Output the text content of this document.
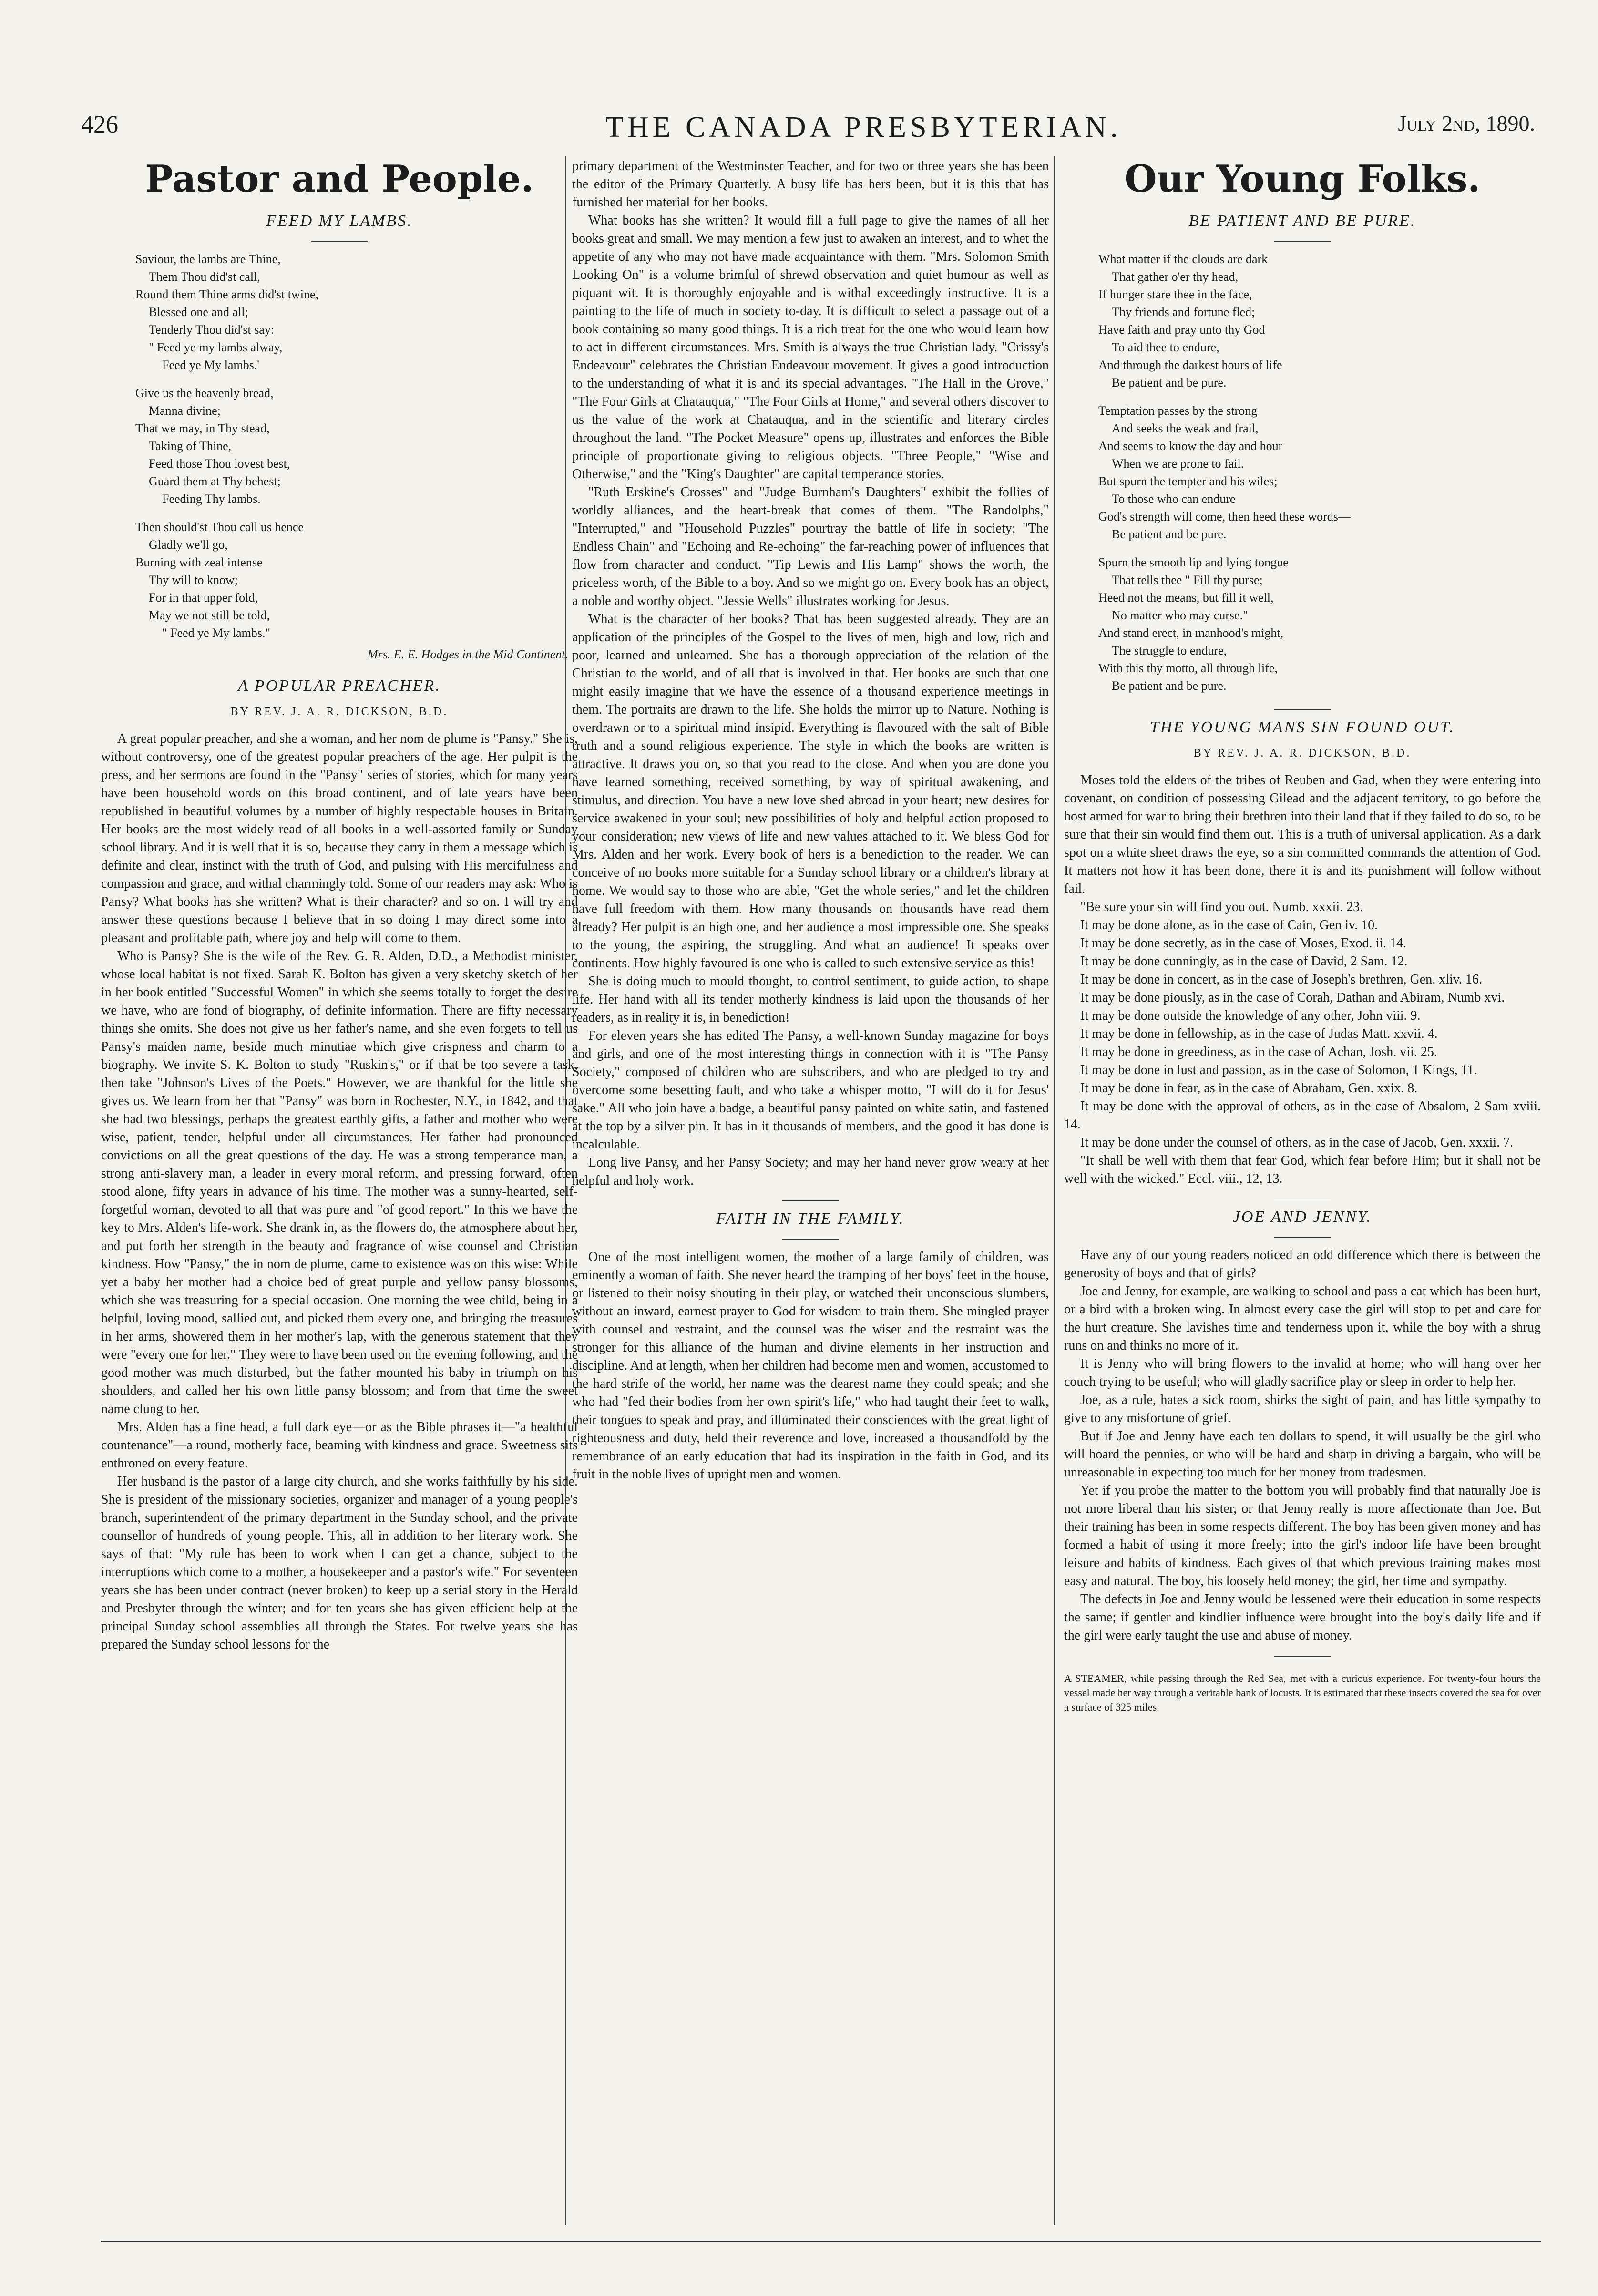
426	THE CANADA PRESBYTERIAN.	July 2nd, 1890.
Pastor and People.
FEED MY LAMBS.
Saviour, the lambs are Thine,
Them Thou did'st call,
Round them Thine arms did'st twine,
Blessed one and all;
Tenderly Thou did'st say:
" Feed ye my lambs alway,
Feed ye My lambs.'
Give us the heavenly bread,
Manna divine;
That we may, in Thy stead,
Taking of Thine,
Feed those Thou lovest best,
Guard them at Thy behest;
Feeding Thy lambs.
Then should'st Thou call us hence
Gladly we'll go,
Burning with zeal intense
Thy will to know;
For in that upper fold,
May we not still be told,
" Feed ye My lambs."
Mrs. E. E. Hodges in the Mid Continent.
A POPULAR PREACHER.
BY REV. J. A. R. DICKSON, B.D.

A great popular preacher, and she a woman, and her nom de plume is "Pansy." She is, without controversy, one of the greatest popular preachers of the age. Her pulpit is the press, and her sermons are found in the "Pansy" series of stories, which for many years have been household words on this broad continent, and of late years have been republished in beautiful volumes by a number of highly respectable houses in Britain. Her books are the most widely read of all books in a well-assorted family or Sunday school library. And it is well that it is so, because they carry in them a message which is definite and clear, instinct with the truth of God, and pulsing with His mercifulness and compassion and grace, and withal charmingly told. Some of our readers may ask: Who is Pansy? What books has she written? What is their character? and so on. I will try and answer these questions because I believe that in so doing I may direct some into a pleasant and profitable path, where joy and help will come to them.

Who is Pansy? She is the wife of the Rev. G. R. Alden, D.D., a Methodist minister, whose local habitat is not fixed. Sarah K. Bolton has given a very sketchy sketch of her in her book entitled "Successful Women" in which she seems totally to forget the desire we have, who are fond of biography, of definite information. There are fifty necessary things she omits. She does not give us her father's name, and she even forgets to tell us Pansy's maiden name, beside much minutiae which give crispness and charm to a biography. We invite S. K. Bolton to study "Ruskin's," or if that be too severe a task, then take "Johnson's Lives of the Poets." However, we are thankful for the little she gives us. We learn from her that "Pansy" was born in Rochester, N.Y., in 1842, and that she had two blessings, perhaps the greatest earthly gifts, a father and mother who were wise, patient, tender, helpful under all circumstances. Her father had pronounced convictions on all the great questions of the day. He was a strong temperance man, a strong anti-slavery man, a leader in every moral reform, and pressing forward, often stood alone, fifty years in advance of his time. The mother was a sunny-hearted, self-forgetful woman, devoted to all that was pure and "of good report." In this we have the key to Mrs. Alden's life-work. She drank in, as the flowers do, the atmosphere about her, and put forth her strength in the beauty and fragrance of wise counsel and Christian kindness. How "Pansy," the in nom de plume, came to existence was on this wise: While yet a baby her mother had a choice bed of great purple and yellow pansy blossoms, which she was treasuring for a special occasion. One morning the wee child, being in a helpful, loving mood, sallied out, and picked them every one, and bringing the treasures in her arms, showered them in her mother's lap, with the generous statement that they were "every one for her." They were to have been used on the evening following, and the good mother was much disturbed, but the father mounted his baby in triumph on his shoulders, and called her his own little pansy blossom; and from that time the sweet name clung to her.

Mrs. Alden has a fine head, a full dark eye—or as the Bible phrases it—"a healthful countenance"—a round, motherly face, beaming with kindness and grace. Sweetness sits enthroned on every feature.

Her husband is the pastor of a large city church, and she works faithfully by his side. She is president of the missionary societies, organizer and manager of a young people's branch, superintendent of the primary department in the Sunday school, and the private counsellor of hundreds of young people. This, all in addition to her literary work. She says of that: "My rule has been to work when I can get a chance, subject to the interruptions which come to a mother, a housekeeper and a pastor's wife." For seventeen years she has been under contract (never broken) to keep up a serial story in the Herald and Presbyter through the winter; and for ten years she has given efficient help at the principal Sunday school assemblies all through the States. For twelve years she has prepared the Sunday school lessons for the

primary department of the Westminster Teacher, and for two or three years she has been the editor of the Primary Quarterly. A busy life has hers been, but it is this that has furnished her material for her books.

What books has she written? It would fill a full page to give the names of all her books great and small. We may mention a few just to awaken an interest, and to whet the appetite of any who may not have made acquaintance with them. "Mrs. Solomon Smith Looking On" is a volume brimful of shrewd observation and quiet humour as well as piquant wit. It is thoroughly enjoyable and is withal exceedingly instructive. It is a painting to the life of much in society to-day. It is difficult to select a passage out of a book containing so many good things. It is a rich treat for the one who would learn how to act in different circumstances. Mrs. Smith is always the true Christian lady. "Crissy's Endeavour" celebrates the Christian Endeavour movement. It gives a good introduction to the understanding of what it is and its special advantages. "The Hall in the Grove," "The Four Girls at Chatauqua," "The Four Girls at Home," and several others discover to us the value of the work at Chatauqua, and in the scientific and literary circles throughout the land. "The Pocket Measure" opens up, illustrates and enforces the Bible principle of proportionate giving to religious objects. "Three People," "Wise and Otherwise," and the "King's Daughter" are capital temperance stories.

"Ruth Erskine's Crosses" and "Judge Burnham's Daughters" exhibit the follies of worldly alliances, and the heart-break that comes of them. "The Randolphs," "Interrupted," and "Household Puzzles" pourtray the battle of life in society; "The Endless Chain" and "Echoing and Re-echoing" the far-reaching power of influences that flow from character and conduct. "Tip Lewis and His Lamp" shows the worth, the priceless worth, of the Bible to a boy. And so we might go on. Every book has an object, a noble and worthy object. "Jessie Wells" illustrates working for Jesus.

What is the character of her books? That has been suggested already. They are an application of the principles of the Gospel to the lives of men, high and low, rich and poor, learned and unlearned. She has a thorough appreciation of the relation of the Christian to the world, and of all that is involved in that. Her books are such that one might easily imagine that we have the essence of a thousand experience meetings in them. The portraits are drawn to the life. She holds the mirror up to Nature. Nothing is overdrawn or to a spiritual mind insipid. Everything is flavoured with the salt of Bible truth and a sound religious experience. The style in which the books are written is attractive. It draws you on, so that you read to the close. And when you are done you have learned something, received something, by way of spiritual awakening, and stimulus, and direction. You have a new love shed abroad in your heart; new desires for service awakened in your soul; new possibilities of holy and helpful action proposed to your consideration; new views of life and new values attached to it. We bless God for Mrs. Alden and her work. Every book of hers is a benediction to the reader. We can conceive of no books more suitable for a Sunday school library or a children's library at home. We would say to those who are able, "Get the whole series," and let the children have full freedom with them. How many thousands on thousands have read them already? Her pulpit is an high one, and her audience a most impressible one. She speaks to the young, the aspiring, the struggling. And what an audience! It speaks over continents. How highly favoured is one who is called to such extensive service as this!

She is doing much to mould thought, to control sentiment, to guide action, to shape life. Her hand with all its tender motherly kindness is laid upon the thousands of her readers, as in reality it is, in benediction!

For eleven years she has edited The Pansy, a well-known Sunday magazine for boys and girls, and one of the most interesting things in connection with it is "The Pansy Society," composed of children who are subscribers, and who are pledged to try and overcome some besetting fault, and who take a whisper motto, "I will do it for Jesus' sake." All who join have a badge, a beautiful pansy painted on white satin, and fastened at the top by a silver pin. It has in it thousands of members, and the good it has done is incalculable.

Long live Pansy, and her Pansy Society; and may her hand never grow weary at her helpful and holy work.

FAITH IN THE FAMILY.

One of the most intelligent women, the mother of a large family of children, was eminently a woman of faith. She never heard the tramping of her boys' feet in the house, or listened to their noisy shouting in their play, or watched their unconscious slumbers, without an inward, earnest prayer to God for wisdom to train them. She mingled prayer with counsel and restraint, and the counsel was the wiser and the restraint was the stronger for this alliance of the human and divine elements in her instruction and discipline. And at length, when her children had become men and women, accustomed to the hard strife of the world, her name was the dearest name they could speak; and she who had "fed their bodies from her own spirit's life," who had taught their feet to walk, their tongues to speak and pray, and illuminated their consciences with the great light of righteousness and duty, held their reverence and love, increased a thousandfold by the remembrance of an early education that had its inspiration in the faith in God, and its fruit in the noble lives of upright men and women.

Our Young Folks.
BE PATIENT AND BE PURE.
What matter if the clouds are dark
That gather o'er thy head,
If hunger stare thee in the face,
Thy friends and fortune fled;
Have faith and pray unto thy God
To aid thee to endure,
And through the darkest hours of life
Be patient and be pure.
Temptation passes by the strong
And seeks the weak and frail,
And seems to know the day and hour
When we are prone to fail.
But spurn the tempter and his wiles;
To those who can endure
God's strength will come, then heed these words—
Be patient and be pure.
Spurn the smooth lip and lying tongue
That tells thee " Fill thy purse;
Heed not the means, but fill it well,
No matter who may curse."
And stand erect, in manhood's might,
The struggle to endure,
With this thy motto, all through life,
Be patient and be pure.
THE YOUNG MANS SIN FOUND OUT.
BY REV. J. A. R. DICKSON, B.D.

Moses told the elders of the tribes of Reuben and Gad, when they were entering into covenant, on condition of possessing Gilead and the adjacent territory, to go before the host armed for war to bring their brethren into their land that if they failed to do so, to be sure that their sin would find them out. This is a truth of universal application. As a dark spot on a white sheet draws the eye, so a sin committed commands the attention of God. It matters not how it has been done, there it is and its punishment will follow without fail.

"Be sure your sin will find you out. Numb. xxxii. 23.

It may be done alone, as in the case of Cain, Gen iv. 10.

It may be done secretly, as in the case of Moses, Exod. ii. 14.

It may be done cunningly, as in the case of David, 2 Sam. 12.

It may be done in concert, as in the case of Joseph's brethren, Gen. xliv. 16.

It may be done piously, as in the case of Corah, Dathan and Abiram, Numb xvi.

It may be done outside the knowledge of any other, John viii. 9.

It may be done in fellowship, as in the case of Judas Matt. xxvii. 4.

It may be done in greediness, as in the case of Achan, Josh. vii. 25.

It may be done in lust and passion, as in the case of Solomon, 1 Kings, 11.

It may be done in fear, as in the case of Abraham, Gen. xxix. 8.

It may be done with the approval of others, as in the case of Absalom, 2 Sam xviii. 14.

It may be done under the counsel of others, as in the case of Jacob, Gen. xxxii. 7.

"It shall be well with them that fear God, which fear before Him; but it shall not be well with the wicked." Eccl. viii., 12, 13.

JOE AND JENNY.

Have any of our young readers noticed an odd difference which there is between the generosity of boys and that of girls?

Joe and Jenny, for example, are walking to school and pass a cat which has been hurt, or a bird with a broken wing. In almost every case the girl will stop to pet and care for the hurt creature. She lavishes time and tenderness upon it, while the boy with a shrug runs on and thinks no more of it.

It is Jenny who will bring flowers to the invalid at home; who will hang over her couch trying to be useful; who will gladly sacrifice play or sleep in order to help her.

Joe, as a rule, hates a sick room, shirks the sight of pain, and has little sympathy to give to any misfortune of grief.

But if Joe and Jenny have each ten dollars to spend, it will usually be the girl who will hoard the pennies, or who will be hard and sharp in driving a bargain, who will be unreasonable in expecting too much for her money from tradesmen.

Yet if you probe the matter to the bottom you will probably find that naturally Joe is not more liberal than his sister, or that Jenny really is more affectionate than Joe. But their training has been in some respects different. The boy has been given money and has formed a habit of using it more freely; into the girl's indoor life have been brought leisure and habits of kindness. Each gives of that which previous training makes most easy and natural. The boy, his loosely held money; the girl, her time and sympathy.

The defects in Joe and Jenny would be lessened were their education in some respects the same; if gentler and kindlier influence were brought into the boy's daily life and if the girl were early taught the use and abuse of money.

A STEAMER, while passing through the Red Sea, met with a curious experience. For twenty-four hours the vessel made her way through a veritable bank of locusts. It is estimated that these insects covered the sea for over a surface of 325 miles.
